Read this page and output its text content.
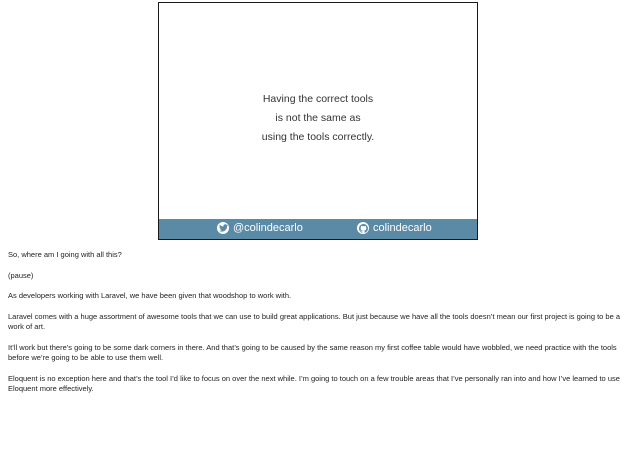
Having the correct tools
is not the same as
using the tools correctly.
@colindecarlo	colindecarlo

So, where am I going with all this?

(pause)

As developers working with Laravel, we have been given that woodshop to work with.

Laravel comes with a huge assortment of awesome tools that we can use to build great applications. But just because we have all the tools doesn’t mean our first project is going to be a work of art.

It’ll work but there’s going to be some dark corners in there. And that’s going to be caused by the same reason my first coffee table would have wobbled, we need practice with the tools before we’re going to be able to use them well.

Eloquent is no exception here and that’s the tool I’d like to focus on over the next while. I’m going to touch on a few trouble areas that I’ve personally ran into and how I’ve learned to use Eloquent more effectively.
